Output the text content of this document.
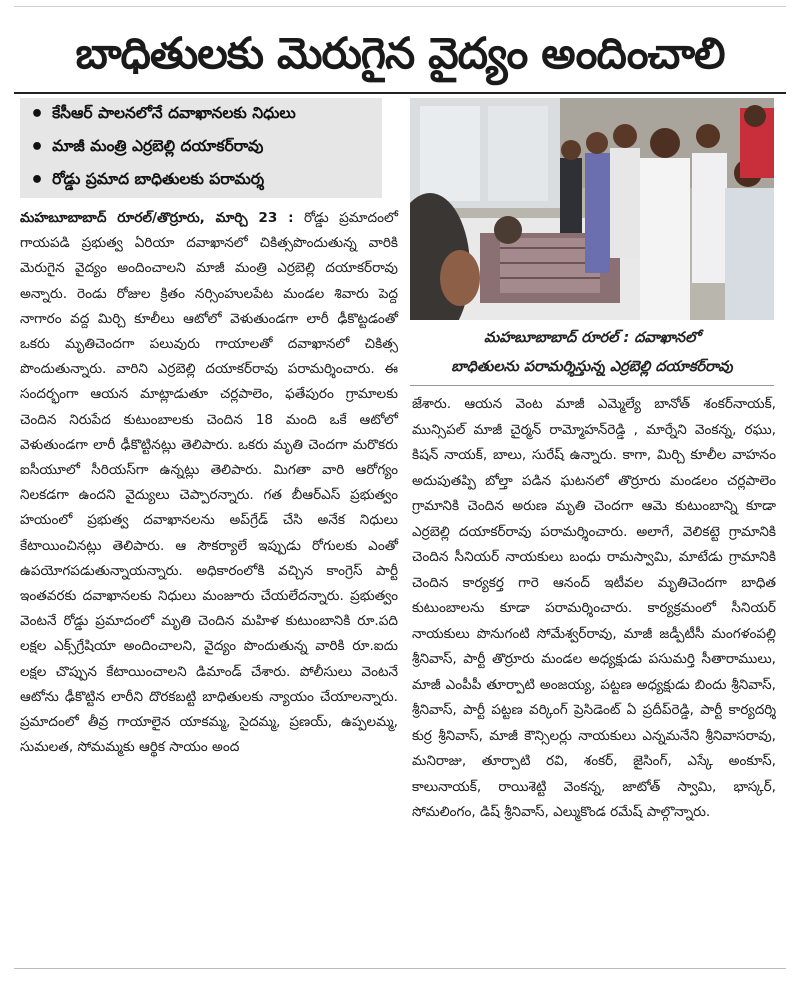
బాధితులకు మెరుగైన వైద్యం అందించాలి
• కేసీఆర్‌ పాలనలోనే దవాఖానలకు నిధులు
• మాజీ మంత్రి ఎర్రబెల్లి దయాకర్‌రావు
• రోడ్డు ప్రమాద బాధితులకు పరామర్శ
మహబూబాబాద్‌ రూరల్‌ : దవాఖానలో
బాధితులను పరామర్శిస్తున్న ఎర్రబెల్లి దయాకర్‌రావు
మహబూబాబాద్‌ రూరల్‌/తొర్రూరు, మార్చి 23 : రోడ్డు ప్రమాదంలో గాయపడి ప్రభుత్వ ఏరియా దవాఖానలో చికిత్సపొందుతున్న వారికి మెరుగైన వైద్యం అందించాలని మాజీ మంత్రి ఎర్రబెల్లి దయాకర్‌రావు అన్నారు. రెండు రోజుల క్రితం నర్సింహులపేట మండల శివారు పెద్ద నాగారం వద్ద మిర్చి కూలీలు ఆటోలో వెళుతుండగా లారీ ఢీకొట్టడంతో ఒకరు మృతిచెందగా పలువురు గాయాలతో దవాఖానలో చికిత్స పొందుతున్నారు. వారిని ఎర్రబెల్లి దయాకర్‌రావు పరామర్శించారు. ఈ సందర్భంగా ఆయన మాట్లాడుతూ చర్లపాలెం, ఫతేపురం గ్రామాలకు చెందిన నిరుపేద కుటుంబాలకు చెందిన 18 మంది ఒకే ఆటోలో వెళుతుండగా లారీ ఢీకొట్టినట్లు తెలిపారు. ఒకరు మృతి చెందగా మరొకరు ఐసీయూలో సీరియస్‌గా ఉన్నట్లు తెలిపారు. మిగతా వారి ఆరోగ్యం నిలకడగా ఉందని వైద్యులు చెప్పారన్నారు. గత బీఆర్‌ఎస్‌ ప్రభుత్వం హయంలో ప్రభుత్వ దవాఖానలను అప్‌గ్రేడ్‌ చేసి అనేక నిధులు కేటాయించినట్లు తెలిపారు. ఆ సౌకర్యాలే ఇప్పుడు రోగులకు ఎంతో ఉపయోగపడుతున్నాయన్నారు. అధికారంలోకి వచ్చిన కాంగ్రెస్‌ పార్టీ ఇంతవరకు దవాఖానలకు నిధులు మంజూరు చేయలేదన్నారు. ప్రభుత్వం వెంటనే రోడ్డు ప్రమాదంలో మృతి చెందిన మహిళ కుటుంబానికి రూ.పది లక్షల ఎక్స్‌గ్రేషియా అందించాలని, వైద్యం పొందుతున్న వారికి రూ.ఐదు లక్షల చొప్పున కేటాయించాలని డిమాండ్‌ చేశారు. పోలీసులు వెంటనే ఆటోను ఢీకొట్టిన లారీని దొరకబట్టి బాధితులకు న్యాయం చేయాలన్నారు. ప్రమాదంలో తీవ్ర గాయాలైన యాకమ్మ, సైదమ్మ, ప్రణయ్‌, ఉప్పలమ్మ, సుమలత, సోమమ్మకు ఆర్థిక సాయం అంద
జేశారు. ఆయన వెంట మాజీ ఎమ్మెల్యే బానోత్‌ శంకర్‌నాయక్‌, మున్సిపల్‌ మాజీ చైర్మన్‌ రామ్మోహన్‌రెడ్డి , మార్నేని వెంకన్న, రఘు, కిషన్‌ నాయక్‌, బాలు, సురేష్‌ ఉన్నారు. కాగా, మిర్చి కూలీల వాహనం అదుపుతప్పి బోల్తా పడిన ఘటనలో తొర్రూరు మండలం చర్లపాలెం గ్రామానికి చెందిన అరుణ మృతి చెందగా ఆమె కుటుంబాన్ని కూడా ఎర్రబెల్లి దయాకర్‌రావు పరామర్శించారు. అలాగే, వెలికట్టె గ్రామానికి చెందిన సీనియర్‌ నాయకులు బంధు రామస్వామి, మాటేడు గ్రామానికి చెందిన కార్యకర్త గారె ఆనంద్‌ ఇటీవల మృతిచెందగా బాధిత కుటుంబాలను కూడా పరామర్శించారు. కార్యక్రమంలో సీనియర్‌ నాయకులు పొనుగంటి సోమేశ్వర్‌రావు, మాజీ జడ్పీటీసీ మంగళంపల్లి శ్రీనివాస్‌, పార్టీ తొర్రూరు మండల అధ్యక్షుడు పసుమర్తి సీతారాములు, మాజీ ఎంపీపీ తూర్పాటి అంజయ్య, పట్టణ అధ్యక్షుడు బిందు శ్రీనివాస్‌, శ్రీనివాస్‌, పార్టీ పట్టణ వర్కింగ్‌ ప్రెసిడెంట్‌ ఏ ప్రదీప్‌రెడ్డి, పార్టీ కార్యదర్శి కుర్ర శ్రీనివాస్‌, మాజీ కౌన్సిలర్లు నాయకులు ఎన్నమనేని శ్రీనివాసరావు, మనిరాజు, తూర్పాటి రవి, శంకర్‌, జైసింగ్‌, ఎస్కే అంకూస్‌, కాలునాయక్‌, రాయిశెట్టి వెంకన్న, జాటోత్‌ స్వామి, భాస్కర్‌, సోమలింగం, డిష్‌ శ్రీనివాస్‌, ఎల్ముకొండ రమేష్‌ పాల్గొన్నారు.
